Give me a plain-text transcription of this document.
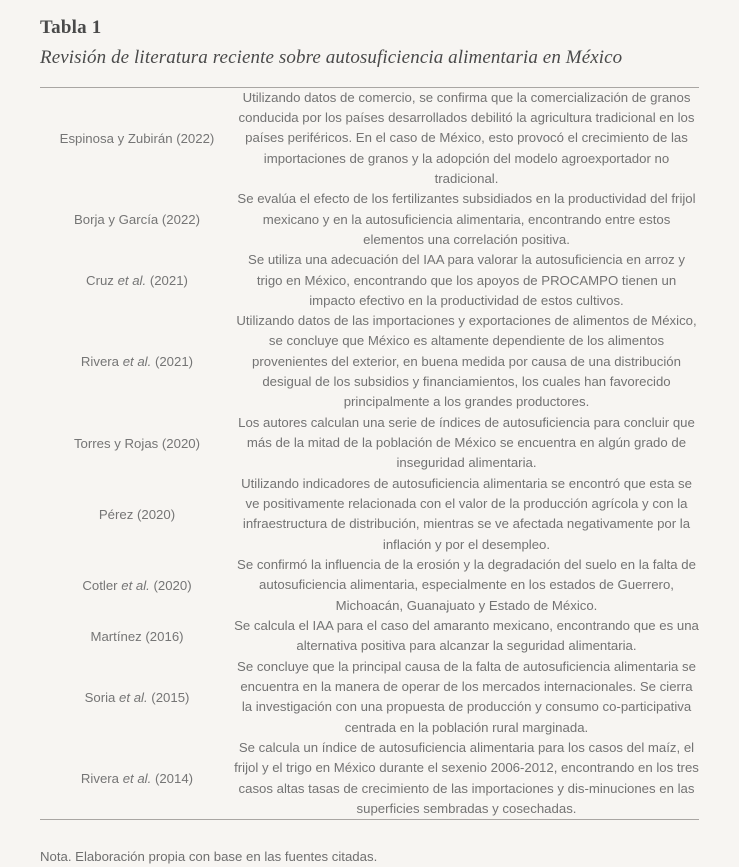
Tabla 1
Revisión de literatura reciente sobre autosuficiencia alimentaria en México
Espinosa y Zubirán (2022)	Utilizando datos de comercio, se confirma que la comercialización de granos conducida por los países desarrollados debilitó la agricultura tradicional en los países periféricos. En el caso de México, esto provocó el crecimiento de las importaciones de granos y la adopción del modelo agroexportador no tradicional.
Borja y García (2022)	Se evalúa el efecto de los fertilizantes subsidiados en la productividad del frijol mexicano y en la autosuficiencia alimentaria, encontrando entre estos elementos una correlación positiva.
Cruz et al. (2021)	Se utiliza una adecuación del IAA para valorar la autosuficiencia en arroz y trigo en México, encontrando que los apoyos de PROCAMPO tienen un impacto efectivo en la productividad de estos cultivos.
Rivera et al. (2021)	Utilizando datos de las importaciones y exportaciones de alimentos de México, se concluye que México es altamente dependiente de los alimentos provenientes del exterior, en buena medida por causa de una distribución desigual de los subsidios y financiamientos, los cuales han favorecido principalmente a los grandes productores.
Torres y Rojas (2020)	Los autores calculan una serie de índices de autosuficiencia para concluir que más de la mitad de la población de México se encuentra en algún grado de inseguridad alimentaria.
Pérez (2020)	Utilizando indicadores de autosuficiencia alimentaria se encontró que esta se ve positivamente relacionada con el valor de la producción agrícola y con la infraestructura de distribución, mientras se ve afectada negativamente por la inflación y por el desempleo.
Cotler et al. (2020)	Se confirmó la influencia de la erosión y la degradación del suelo en la falta de autosuficiencia alimentaria, especialmente en los estados de Guerrero, Michoacán, Guanajuato y Estado de México.
Martínez (2016)	Se calcula el IAA para el caso del amaranto mexicano, encontrando que es una alternativa positiva para alcanzar la seguridad alimentaria.
Soria et al. (2015)	Se concluye que la principal causa de la falta de autosuficiencia alimentaria se encuentra en la manera de operar de los mercados internacionales. Se cierra la investigación con una propuesta de producción y consumo co-participativa centrada en la población rural marginada.
Rivera et al. (2014)	Se calcula un índice de autosuficiencia alimentaria para los casos del maíz, el frijol y el trigo en México durante el sexenio 2006-2012, encontrando en los tres casos altas tasas de crecimiento de las importaciones y dis-minuciones en las superficies sembradas y cosechadas.
Nota. Elaboración propia con base en las fuentes citadas.
